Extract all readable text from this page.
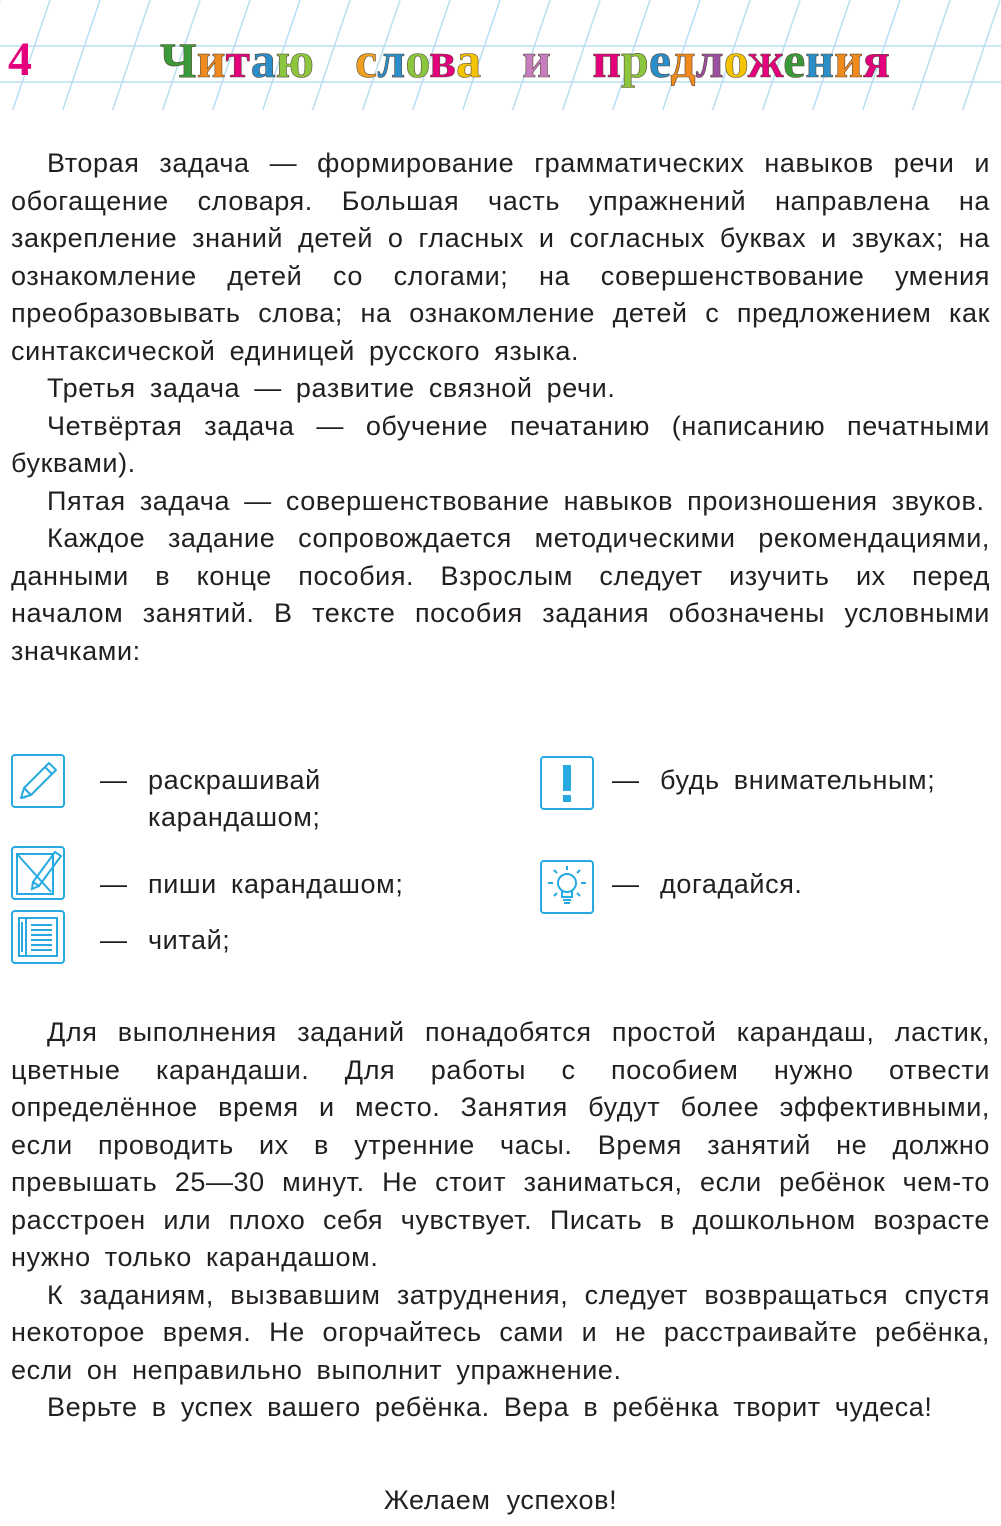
4	Читаю слова и предложения

Вторая задача — формирование грамматических навыков речи и обогащение словаря. Большая часть упражнений направлена на закрепление знаний детей о гласных и согласных буквах и звуках; на ознакомление детей со слогами; на совершенствование умения преобразовывать слова; на ознакомление детей с предложением как синтаксической единицей русского языка.

Третья задача — развитие связной речи.

Четвёртая задача — обучение печатанию (написанию печатными буквами).

Пятая задача — совершенствование навыков произношения звуков.

Каждое задание сопровождается методическими рекомендациями, данными в конце пособия. Взрослым следует изучить их перед началом занятий. В тексте пособия задания обозначены условными значками:

— раскрашивай
карандашом;
— будь внимательным;
— пиши карандашом;	— догадайся.
— читай;

Для выполнения заданий понадобятся простой карандаш, ластик, цветные карандаши. Для работы с пособием нужно отвести определённое время и место. Занятия будут более эффективными, если проводить их в утренние часы. Время занятий не должно превышать 25—30 минут. Не стоит заниматься, если ребёнок чем-то расстроен или плохо себя чувствует. Писать в дошкольном возрасте нужно только карандашом.

К заданиям, вызвавшим затруднения, следует возвращаться спустя некоторое время. Не огорчайтесь сами и не расстраивайте ребёнка, если он неправильно выполнит упражнение.

Верьте в успех вашего ребёнка. Вера в ребёнка творит чудеса!

Желаем успехов!
